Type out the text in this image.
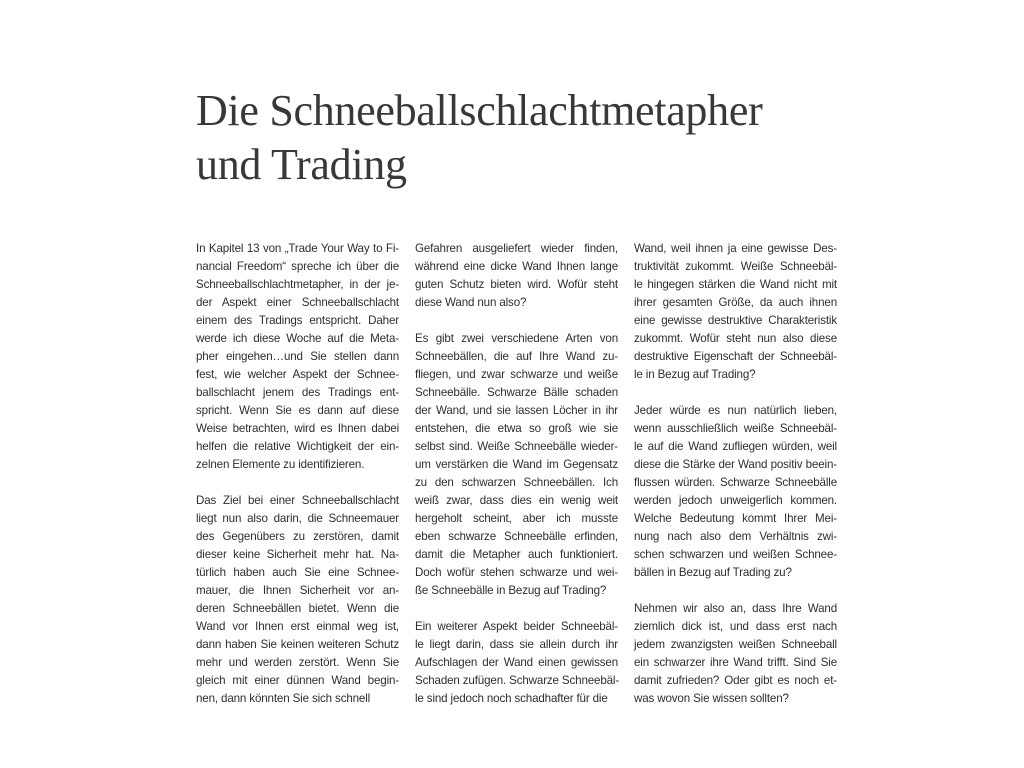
Die Schneeballschlachtmetapher
und Trading

In Kapitel 13 von „Trade Your Way to Fi-
nancial Freedom“ spreche ich über die
Schneeballschlachtmetapher, in der je-
der Aspekt einer Schneeballschlacht
einem des Tradings entspricht. Daher
werde ich diese Woche auf die Meta-
pher eingehen…und Sie stellen dann
fest, wie welcher Aspekt der Schnee-
ballschlacht jenem des Tradings ent-
spricht. Wenn Sie es dann auf diese
Weise betrachten, wird es Ihnen dabei
helfen die relative Wichtigkeit der ein-
zelnen Elemente zu identifizieren.

Das Ziel bei einer Schneeballschlacht
liegt nun also darin, die Schneemauer
des Gegenübers zu zerstören, damit
dieser keine Sicherheit mehr hat. Na-
türlich haben auch Sie eine Schnee-
mauer, die Ihnen Sicherheit vor an-
deren Schneebällen bietet. Wenn die
Wand vor Ihnen erst einmal weg ist,
dann haben Sie keinen weiteren Schutz
mehr und werden zerstört. Wenn Sie
gleich mit einer dünnen Wand begin-
nen, dann könnten Sie sich schnell

Gefahren ausgeliefert wieder finden,
während eine dicke Wand Ihnen lange
guten Schutz bieten wird. Wofür steht
diese Wand nun also?

Es gibt zwei verschiedene Arten von
Schneebällen, die auf Ihre Wand zu-
fliegen, und zwar schwarze und weiße
Schneebälle. Schwarze Bälle schaden
der Wand, und sie lassen Löcher in ihr
entstehen, die etwa so groß wie sie
selbst sind. Weiße Schneebälle wieder-
um verstärken die Wand im Gegensatz
zu den schwarzen Schneebällen. Ich
weiß zwar, dass dies ein wenig weit
hergeholt scheint, aber ich musste
eben schwarze Schneebälle erfinden,
damit die Metapher auch funktioniert.
Doch wofür stehen schwarze und wei-
ße Schneebälle in Bezug auf Trading?

Ein weiterer Aspekt beider Schneebäl-
le liegt darin, dass sie allein durch ihr
Aufschlagen der Wand einen gewissen
Schaden zufügen. Schwarze Schneebäl-
le sind jedoch noch schadhafter für die

Wand, weil ihnen ja eine gewisse Des-
truktivität zukommt. Weiße Schneebäl-
le hingegen stärken die Wand nicht mit
ihrer gesamten Größe, da auch ihnen
eine gewisse destruktive Charakteristik
zukommt. Wofür steht nun also diese
destruktive Eigenschaft der Schneebäl-
le in Bezug auf Trading?

Jeder würde es nun natürlich lieben,
wenn ausschließlich weiße Schneebäl-
le auf die Wand zufliegen würden, weil
diese die Stärke der Wand positiv beein-
flussen würden. Schwarze Schneebälle
werden jedoch unweigerlich kommen.
Welche Bedeutung kommt Ihrer Mei-
nung nach also dem Verhältnis zwi-
schen schwarzen und weißen Schnee-
bällen in Bezug auf Trading zu?

Nehmen wir also an, dass Ihre Wand
ziemlich dick ist, und dass erst nach
jedem zwanzigsten weißen Schneeball
ein schwarzer ihre Wand trifft. Sind Sie
damit zufrieden? Oder gibt es noch et-
was wovon Sie wissen sollten?
